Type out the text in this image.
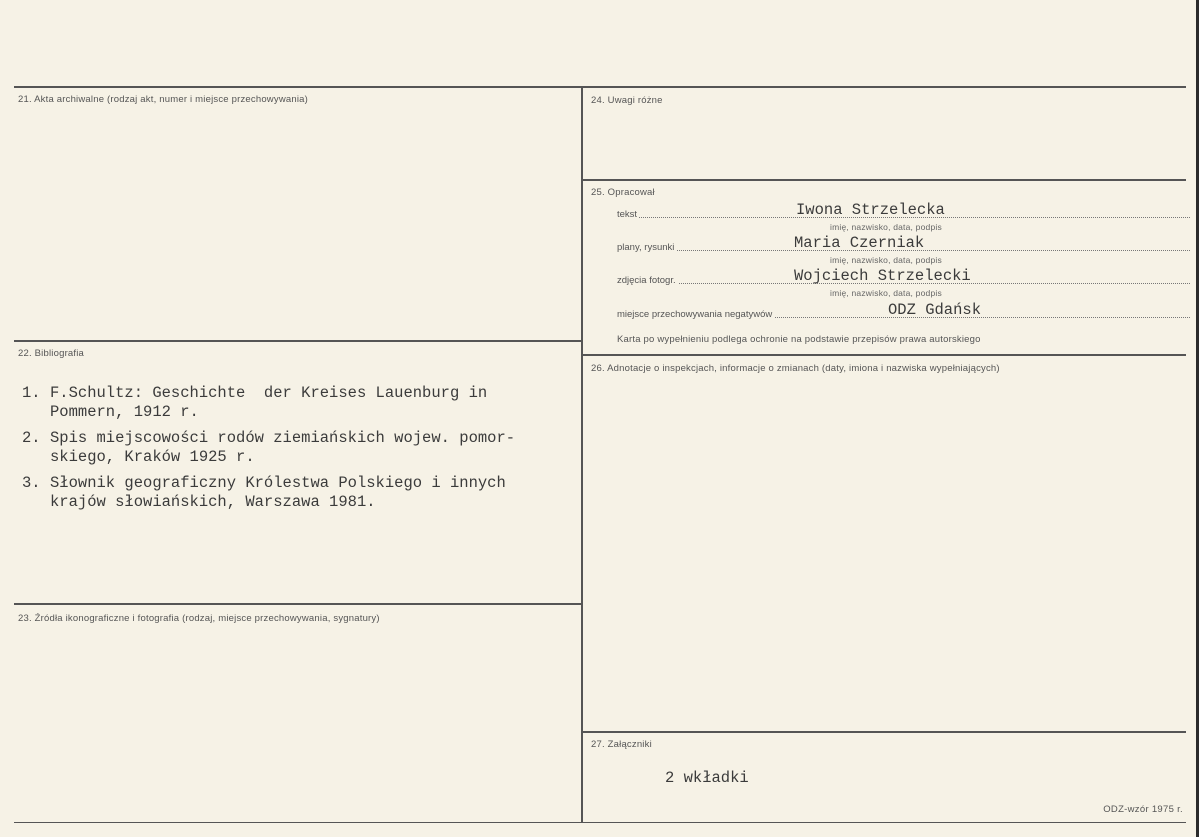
21. Akta archiwalne (rodzaj akt, numer i miejsce przechowywania)
22. Bibliografia
1. F.Schultz: Geschichte  der Kreises Lauenburg in
Pommern, 1912 r.
2. Spis miejscowości rodów ziemiańskich wojew. pomor-
skiego, Kraków 1925 r.
3. Słownik geograficzny Królestwa Polskiego i innych
krajów słowiańskich, Warszawa 1981.
23. Źródła ikonograficzne i fotografia (rodzaj, miejsce przechowywania, sygnatury)
24. Uwagi różne
25. Opracował
tekst	Iwona Strzelecka
imię, nazwisko, data, podpis
plany, rysunki	Maria Czerniak
imię, nazwisko, data, podpis
zdjęcia fotogr.	Wojciech Strzelecki
imię, nazwisko, data, podpis
miejsce przechowywania negatywów	ODZ Gdańsk
Karta po wypełnieniu podlega ochronie na podstawie przepisów prawa autorskiego
26. Adnotacje o inspekcjach, informacje o zmianach (daty, imiona i nazwiska wypełniających)
27. Załączniki
2 wkładki
ODZ-wzór 1975 r.
